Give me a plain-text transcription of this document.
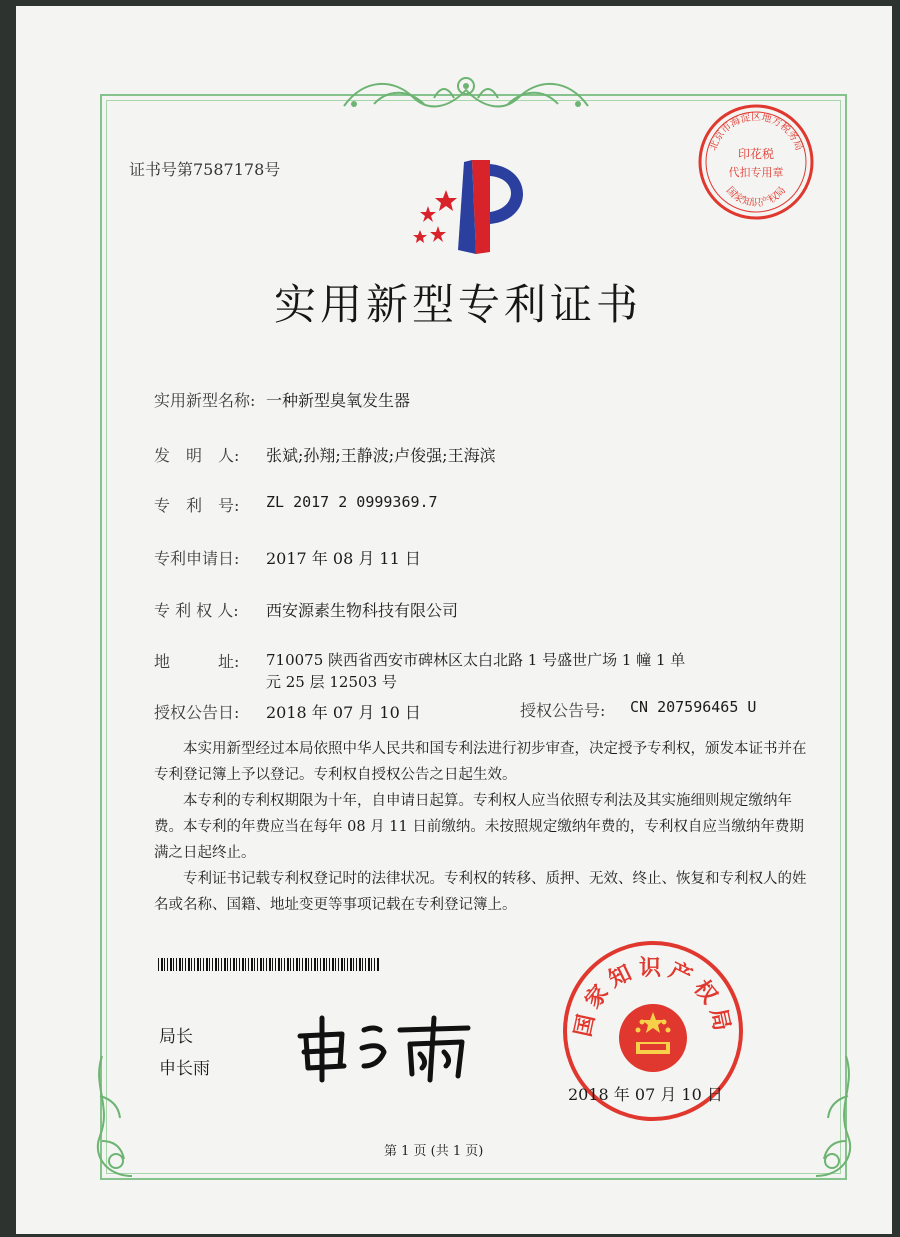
证书号第7587178号
北京市海淀区地方税务局
印花税
代扣专用章
国家知识产权局
实用新型专利证书
实用新型名称: 一种新型臭氧发生器
发　明　人: 张斌;孙翔;王静波;卢俊强;王海滨
专　利　号: ZL 2017 2 0999369.7
专利申请日: 2017 年 08 月 11 日
专 利 权 人: 西安源素生物科技有限公司
地　　　址: 710075 陕西省西安市碑林区太白北路 1 号盛世广场 1 幢 1 单
元 25 层 12503 号
授权公告日: 2018 年 07 月 10 日	授权公告号: CN 207596465 U

本实用新型经过本局依照中华人民共和国专利法进行初步审查，决定授予专利权，颁发本证书并在专利登记簿上予以登记。专利权自授权公告之日起生效。

本专利的专利权期限为十年，自申请日起算。专利权人应当依照专利法及其实施细则规定缴纳年费。本专利的年费应当在每年 08 月 11 日前缴纳。未按照规定缴纳年费的，专利权自应当缴纳年费期满之日起终止。

专利证书记载专利权登记时的法律状况。专利权的转移、质押、无效、终止、恢复和专利权人的姓名或名称、国籍、地址变更等事项记载在专利登记簿上。

局长
申长雨
国家知识产权局
2018 年 07 月 10 日
第 1 页 (共 1 页)
